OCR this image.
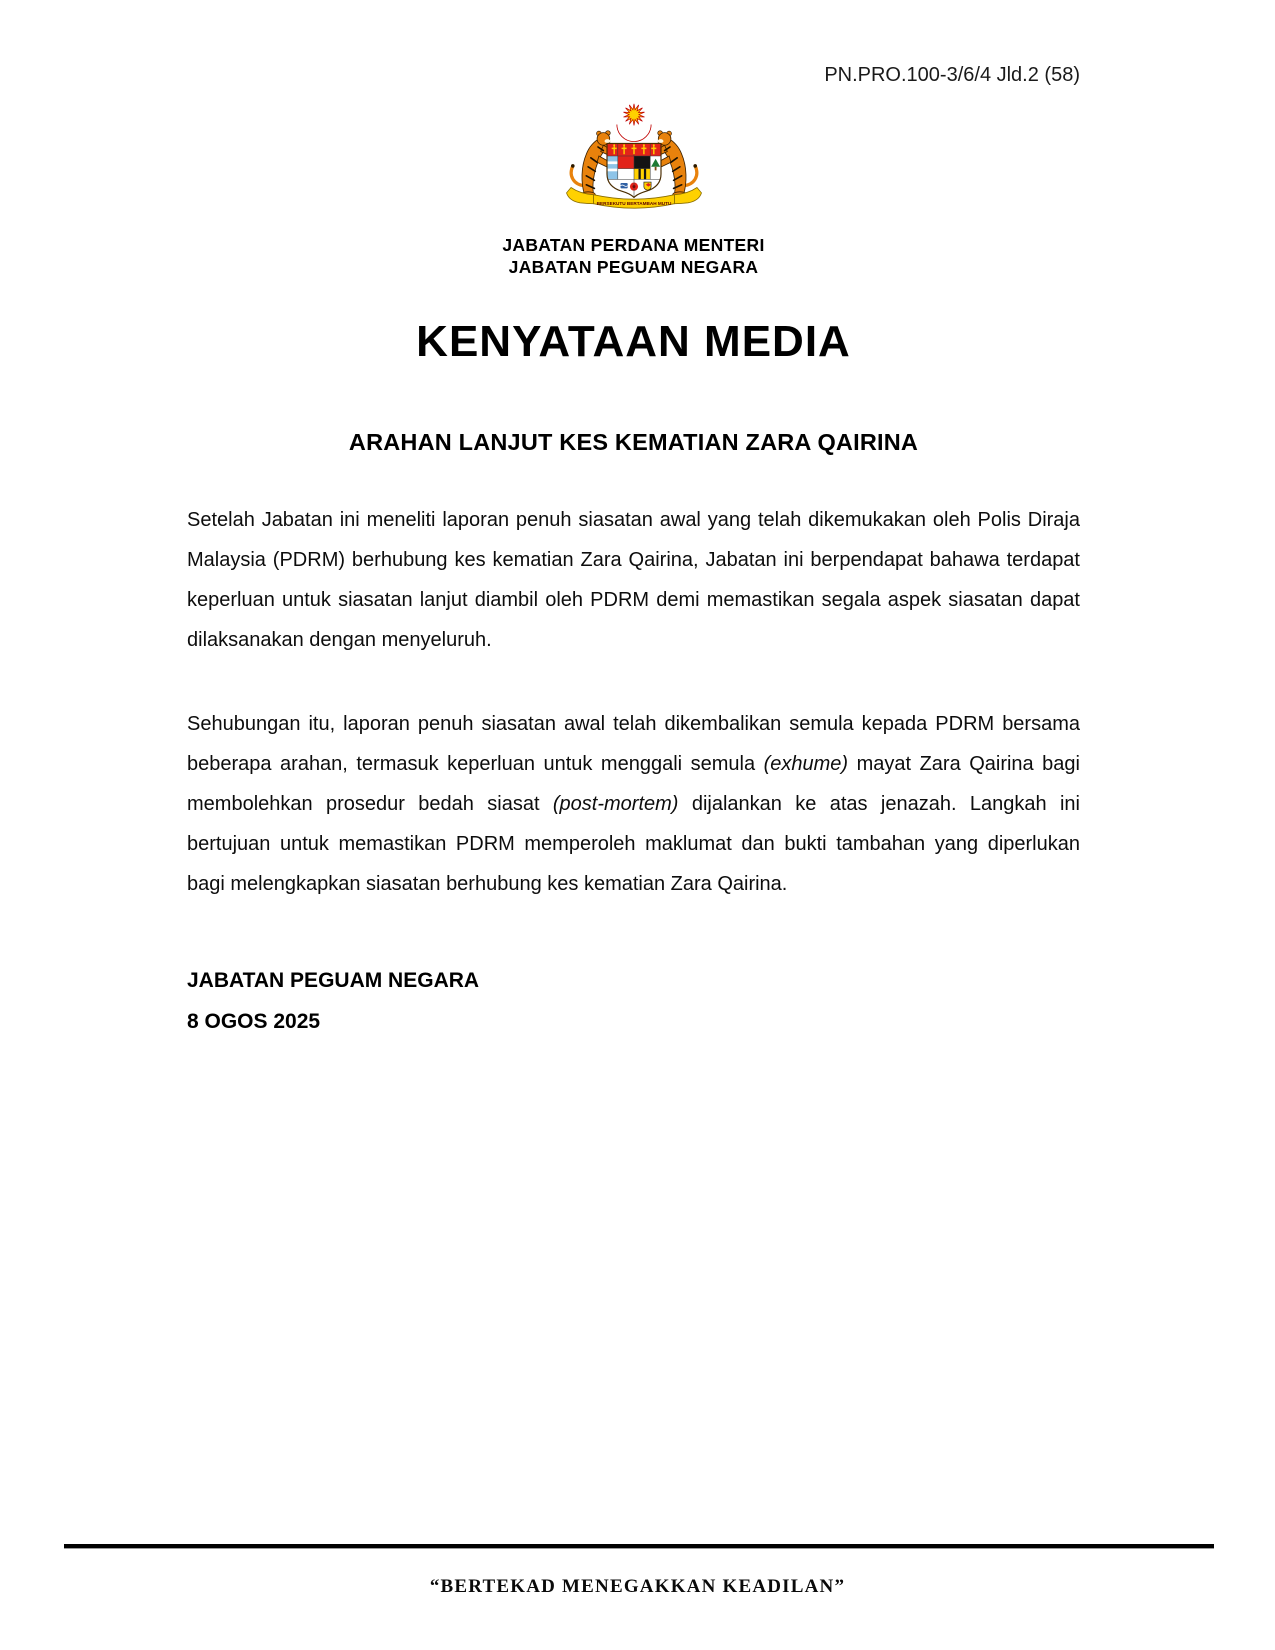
PN.PRO.100-3/6/4 Jld.2 (58)
BERSEKUTU BERTAMBAH MUTU
JABATAN PERDANA MENTERI
JABATAN PEGUAM NEGARA
KENYATAAN MEDIA
ARAHAN LANJUT KES KEMATIAN ZARA QAIRINA

Setelah Jabatan ini meneliti laporan penuh siasatan awal yang telah dikemukakan oleh Polis Diraja Malaysia (PDRM) berhubung kes kematian Zara Qairina, Jabatan ini berpendapat bahawa terdapat keperluan untuk siasatan lanjut diambil oleh PDRM demi memastikan segala aspek siasatan dapat dilaksanakan dengan menyeluruh.

Sehubungan itu, laporan penuh siasatan awal telah dikembalikan semula kepada PDRM bersama beberapa arahan, termasuk keperluan untuk menggali semula (exhume) mayat Zara Qairina bagi membolehkan prosedur bedah siasat (post-mortem) dijalankan ke atas jenazah. Langkah ini bertujuan untuk memastikan PDRM memperoleh maklumat dan bukti tambahan yang diperlukan bagi melengkapkan siasatan berhubung kes kematian Zara Qairina.

JABATAN PEGUAM NEGARA
8 OGOS 2025
“BERTEKAD MENEGAKKAN KEADILAN”
